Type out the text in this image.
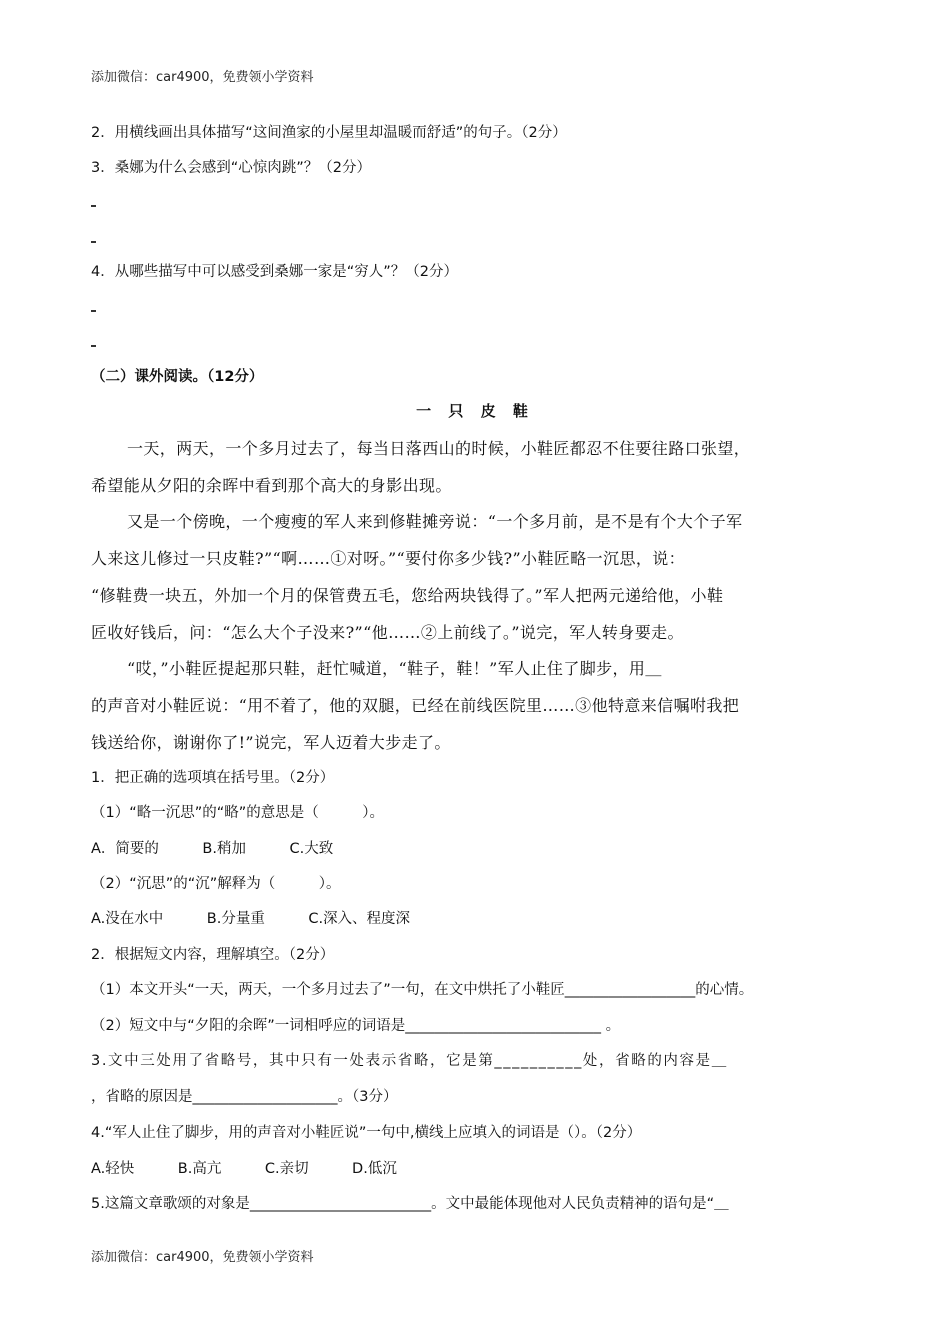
添加微信：car4900，免费领小学资料
2．用横线画出具体描写“这间渔家的小屋里却温暖而舒适”的句子。（2分）
3．桑娜为什么会感到“心惊肉跳”？（2分）
4．从哪些描写中可以感受到桑娜一家是“穷人”？（2分）
（二）课外阅读。（12分）
一 只 皮 鞋
一天，两天，一个多月过去了，每当日落西山的时候，小鞋匠都忍不住要往路口张望，
希望能从夕阳的余晖中看到那个高大的身影出现。
又是一个傍晚，一个瘦瘦的军人来到修鞋摊旁说：“一个多月前，是不是有个大个子军
人来这儿修过一只皮鞋?”“啊……①对呀。”“要付你多少钱?”小鞋匠略一沉思，说：
“修鞋费一块五，外加一个月的保管费五毛，您给两块钱得了。”军人把两元递给他，小鞋
匠收好钱后，问：“怎么大个子没来?”“他……②上前线了。”说完，军人转身要走。
“哎，”小鞋匠提起那只鞋，赶忙喊道，“鞋子，鞋！”军人止住了脚步，用＿
的声音对小鞋匠说：“用不着了，他的双腿，已经在前线医院里……③他特意来信嘱咐我把
钱送给你，谢谢你了!”说完，军人迈着大步走了。
1．把正确的选项填在括号里。（2分）
（1）“略一沉思”的“略”的意思是（　　　）。
A．简要的　　　B.稍加　　　C.大致
（2）“沉思”的“沉”解释为（　　　）。
A.没在水中　　　B.分量重　　　C.深入、程度深
2．根据短文内容，理解填空。（2分）
（1）本文开头“一天，两天，一个多月过去了”一句，在文中烘托了小鞋匠__________________的心情。
（2）短文中与“夕阳的余晖”一词相呼应的词语是___________________________ 。
3.文中三处用了省略号，其中只有一处表示省略，它是第__________处，省略的内容是＿
，省略的原因是____________________。（3分）
4.“军人止住了脚步，用的声音对小鞋匠说”一句中,横线上应填入的词语是（）。（2分）
A.轻快　　　B.高亢　　　C.亲切　　　D.低沉
5.这篇文章歌颂的对象是_________________________。文中最能体现他对人民负责精神的语句是“＿
添加微信：car4900，免费领小学资料
